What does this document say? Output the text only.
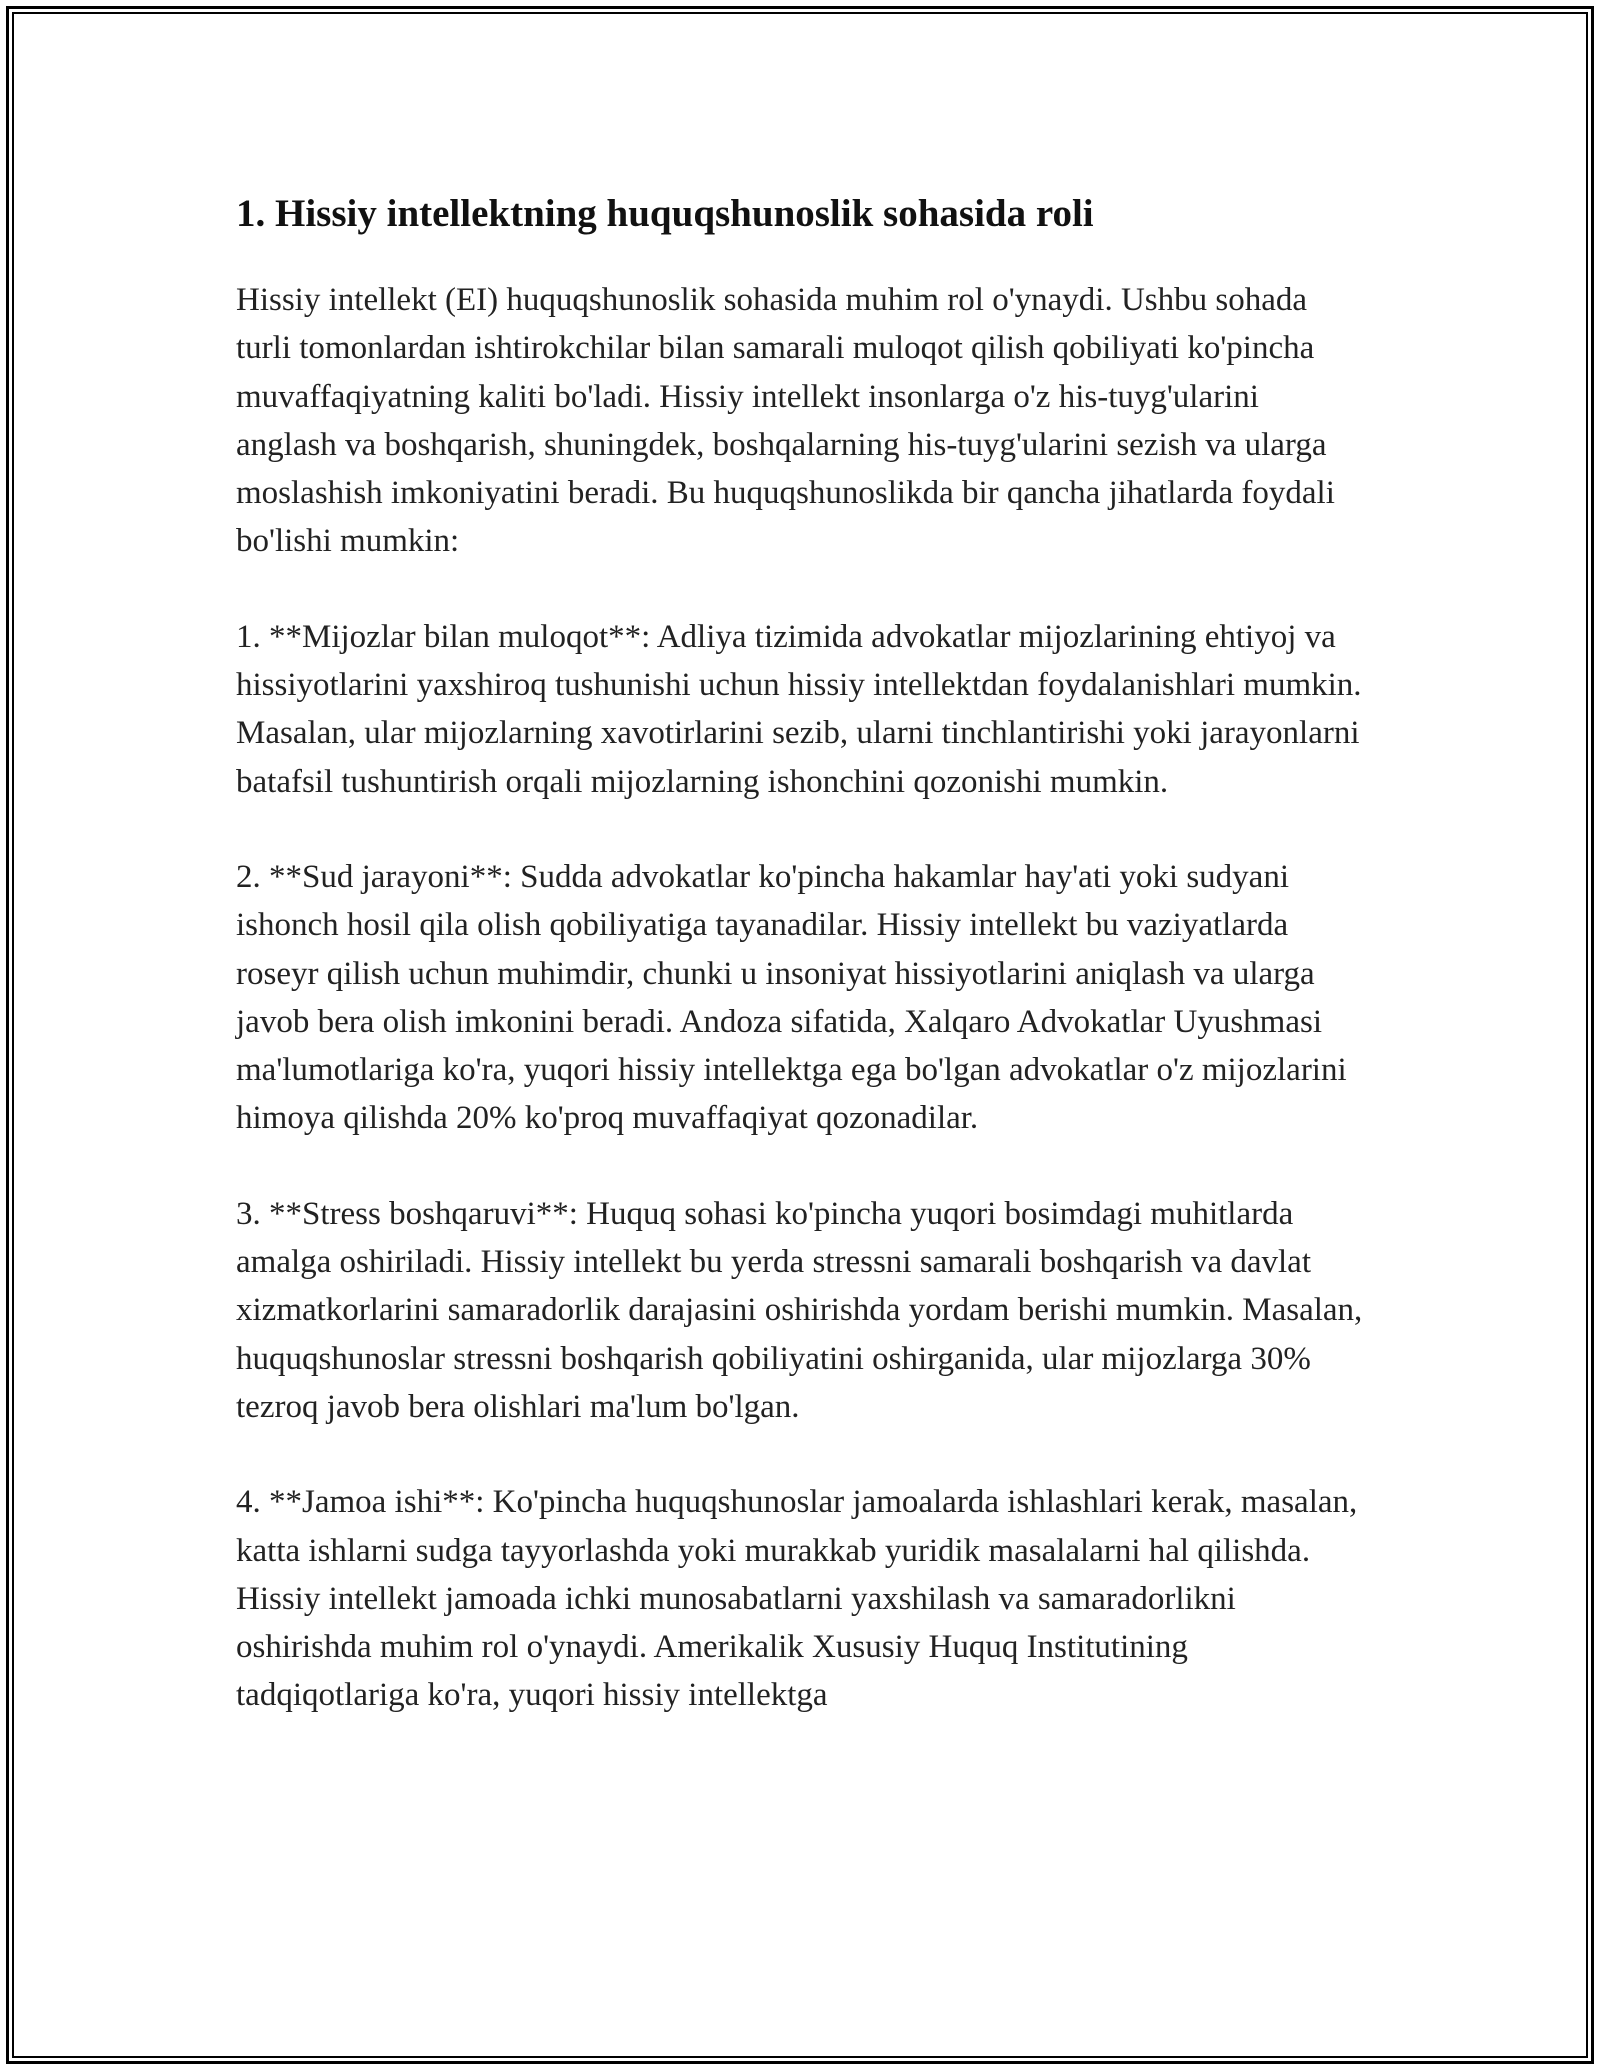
1. Hissiy intellektning huquqshunoslik sohasida roli

Hissiy intellekt (EI) huquqshunoslik sohasida muhim rol o'ynaydi. Ushbu sohada turli tomonlardan ishtirokchilar bilan samarali muloqot qilish qobiliyati ko'pincha muvaffaqiyatning kaliti bo'ladi. Hissiy intellekt insonlarga o'z his-tuyg'ularini anglash va boshqarish, shuningdek, boshqalarning his-tuyg'ularini sezish va ularga moslashish imkoniyatini beradi. Bu huquqshunoslikda bir qancha jihatlarda foydali bo'lishi mumkin:

1. **Mijozlar bilan muloqot**: Adliya tizimida advokatlar mijozlarining ehtiyoj va hissiyotlarini yaxshiroq tushunishi uchun hissiy intellektdan foydalanishlari mumkin. Masalan, ular mijozlarning xavotirlarini sezib, ularni tinchlantirishi yoki jarayonlarni batafsil tushuntirish orqali mijozlarning ishonchini qozonishi mumkin.

2. **Sud jarayoni**: Sudda advokatlar ko'pincha hakamlar hay'ati yoki sudyani ishonch hosil qila olish qobiliyatiga tayanadilar. Hissiy intellekt bu vaziyatlarda roseyr qilish uchun muhimdir, chunki u insoniyat hissiyotlarini aniqlash va ularga javob bera olish imkonini beradi. Andoza sifatida, Xalqaro Advokatlar Uyushmasi ma'lumotlariga ko'ra, yuqori hissiy intellektga ega bo'lgan advokatlar o'z mijozlarini himoya qilishda 20% ko'proq muvaffaqiyat qozonadilar.

3. **Stress boshqaruvi**: Huquq sohasi ko'pincha yuqori bosimdagi muhitlarda amalga oshiriladi. Hissiy intellekt bu yerda stressni samarali boshqarish va davlat xizmatkorlarini samaradorlik darajasini oshirishda yordam berishi mumkin. Masalan, huquqshunoslar stressni boshqarish qobiliyatini oshirganida, ular mijozlarga 30% tezroq javob bera olishlari ma'lum bo'lgan.

4. **Jamoa ishi**: Ko'pincha huquqshunoslar jamoalarda ishlashlari kerak, masalan, katta ishlarni sudga tayyorlashda yoki murakkab yuridik masalalarni hal qilishda. Hissiy intellekt jamoada ichki munosabatlarni yaxshilash va samaradorlikni oshirishda muhim rol o'ynaydi. Amerikalik Xususiy Huquq Institutining tadqiqotlariga ko'ra, yuqori hissiy intellektga
